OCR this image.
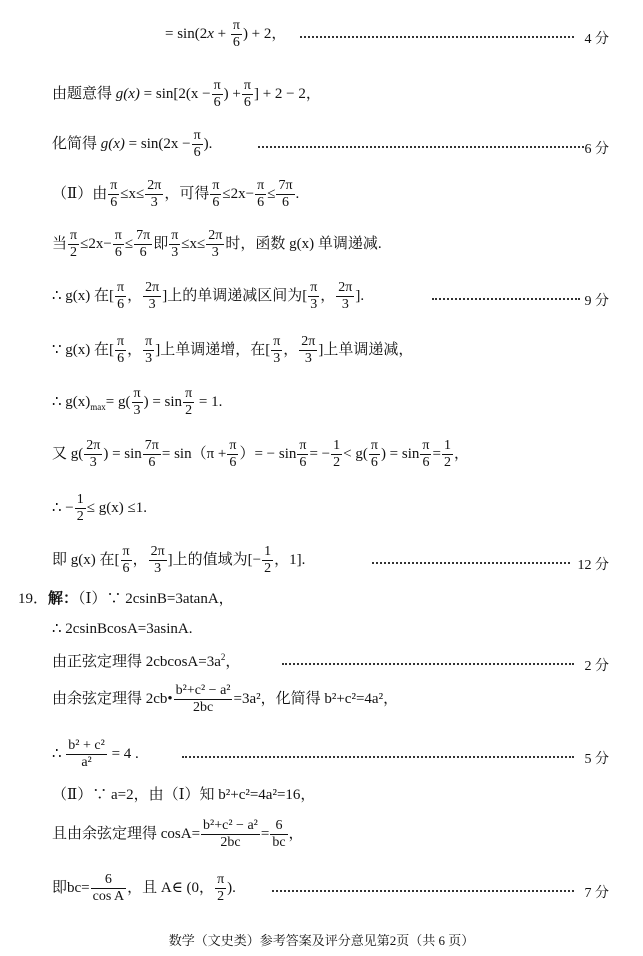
= $\sin(2x + \frac{\pi}{6}$ ) + 2，	4 分
由题意得 $g(x) = \sin[2(x - \frac{\pi}{6}$ ) + $\frac{\pi}{6}$ ] + 2 − 2，
化简得 $g(x) = \sin(2x - \frac{\pi}{6}$ ).	6 分
（Ⅱ）由 $\frac{\pi}{6} \le x\le \frac{2\pi}{3}$ ，可得 $\frac{\pi}{6} \le 2x- \frac{\pi}{6} \le \frac{7\pi}{6}$ .
当 $\frac{\pi}{2} \le 2x- \frac{\pi}{6} \le \frac{7\pi}{6}$ 即 $\frac{\pi}{3} \le x\le \frac{2\pi}{3}$ 时，函数 g(x) 单调递减.
∴ g(x) 在[ $\frac{\pi}{6}$ ， $\frac{2\pi}{3}$ ]上的单调递减区间为[ $\frac{\pi}{3}$ ， $\frac{2\pi}{3}$ ].	9 分
∵ g(x) 在[ $\frac{\pi}{6}$ ， $\frac{\pi}{3}$ ]上单调递增，在[ $\frac{\pi}{3}$ ， $\frac{2\pi}{3}$ ]上单调递减，
∴ $g(x)_{max}= g( \frac{\pi}{3}$ ) = $\sin \frac{\pi}{2} = 1$.
又 $g( \frac{2\pi}{3}$ ) = $\sin \frac{7\pi}{6} = \sin(\pi + \frac{\pi}{6}$ ）= − $\sin \frac{\pi}{6}$ = − $\frac{1}{2} < g( \frac{\pi}{6}$ ) = $\sin \frac{\pi}{6} = \frac{1}{2}$ ，
∴ − $\frac{1}{2} \le g(x) \le 1$.
即 g(x) 在[ $\frac{\pi}{6}$ ， $\frac{2\pi}{3}$ ]上的值域为[− $\frac{1}{2}$ ，1].	12 分
19．解：（Ⅰ）∵ 2csinB=3atanA，
∴ 2csinBcosA=3asinA.
由正弦定理得 $2cbcosA=3a^2$，	2 分
由余弦定理得 2cb• $\frac{\text{b²+c² − a²}}{2bc} =3a^2$，化简得 b²+c²=4a²，
∴ $\frac{\text{b² + c²}}{\text{a²}} = 4$ .	5 分
（Ⅱ）∵ a=2，由（Ⅰ）知 b²+c²=4a²=16，
且由余弦定理得 $\cos A= \frac{\text{b²+c² − a²}}{2bc} = \frac{6}{bc}$ ，
即$bc= \frac{6}{\text{cos A}}$ ，且 A∈ (0， $\frac{\pi}{2}$ ).	7 分
数学（文史类）参考答案及评分意见第2页（共 6 页）
